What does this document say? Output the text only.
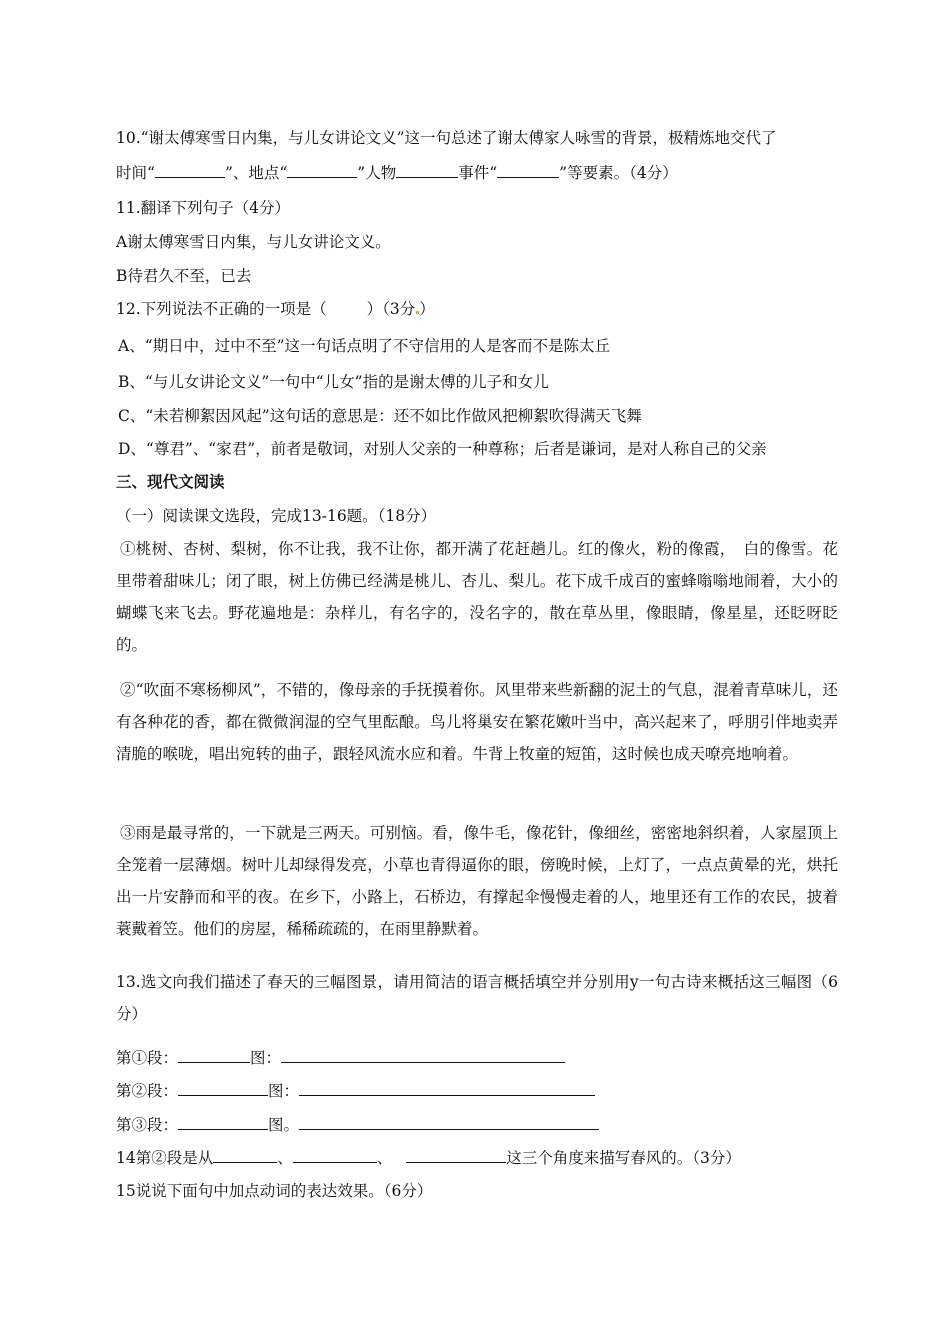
10.“谢太傅寒雪日内集，与儿女讲论文义”这一句总述了谢太傅家人咏雪的背景，极精炼地交代了
时间“	”、地点“	”人物	事件“	”等要素。（4分）
11.翻译下列句子（4分）
A谢太傅寒雪日内集，与儿女讲论文义。
B待君久不至，已去
12.下列说法不正确的一项是（	）（3分 ）
A、“期日中，过中不至”这一句话点明了不守信用的人是客而不是陈太丘
B、“与儿女讲论文义”一句中“儿女”指的是谢太傅的儿子和女儿
C、“未若柳絮因风起”这句话的意思是：还不如比作做风把柳絮吹得满天飞舞
D、“尊君”、“家君”，前者是敬词，对别人父亲的一种尊称；后者是谦词，是对人称自己的父亲
三、现代文阅读
（一）阅读课文选段，完成13-16题。（18分）
①桃树、杏树、梨树，你不让我，我不让你，都开满了花赶趟儿。红的像火，粉的像霞，　白的像雪。花里带着甜味儿；闭了眼，树上仿佛已经满是桃儿、杏儿、梨儿。花下成千成百的蜜蜂嗡嗡地闹着，大小的蝴蝶飞来飞去。野花遍地是：杂样儿，有名字的，没名字的，散在草丛里，像眼睛，像星星，还眨呀眨的。
②“吹面不寒杨柳风”，不错的，像母亲的手抚摸着你。风里带来些新翻的泥土的气息，混着青草味儿，还有各种花的香，都在微微润湿的空气里酝酿。鸟儿将巢安在繁花嫩叶当中，高兴起来了，呼朋引伴地卖弄清脆的喉咙，唱出宛转的曲子，跟轻风流水应和着。牛背上牧童的短笛，这时候也成天嘹亮地响着。
③雨是最寻常的，一下就是三两天。可别恼。看，像牛毛，像花针，像细丝，密密地斜织着，人家屋顶上全笼着一层薄烟。树叶儿却绿得发亮，小草也青得逼你的眼，傍晚时候，上灯了，一点点黄晕的光，烘托出一片安静而和平的夜。在乡下，小路上，石桥边，有撑起伞慢慢走着的人，地里还有工作的农民，披着蓑戴着笠。他们的房屋，稀稀疏疏的，在雨里静默着。
13.选文向我们描述了春天的三幅图景，请用简洁的语言概括填空并分别用y一句古诗来概括这三幅图（6分）
第①段：	图：
第②段：	图：
第③段：	图。
14第②段是从	、	、	这三个角度来描写春风的。（3分）
15说说下面句中加点动词的表达效果。（6分）
